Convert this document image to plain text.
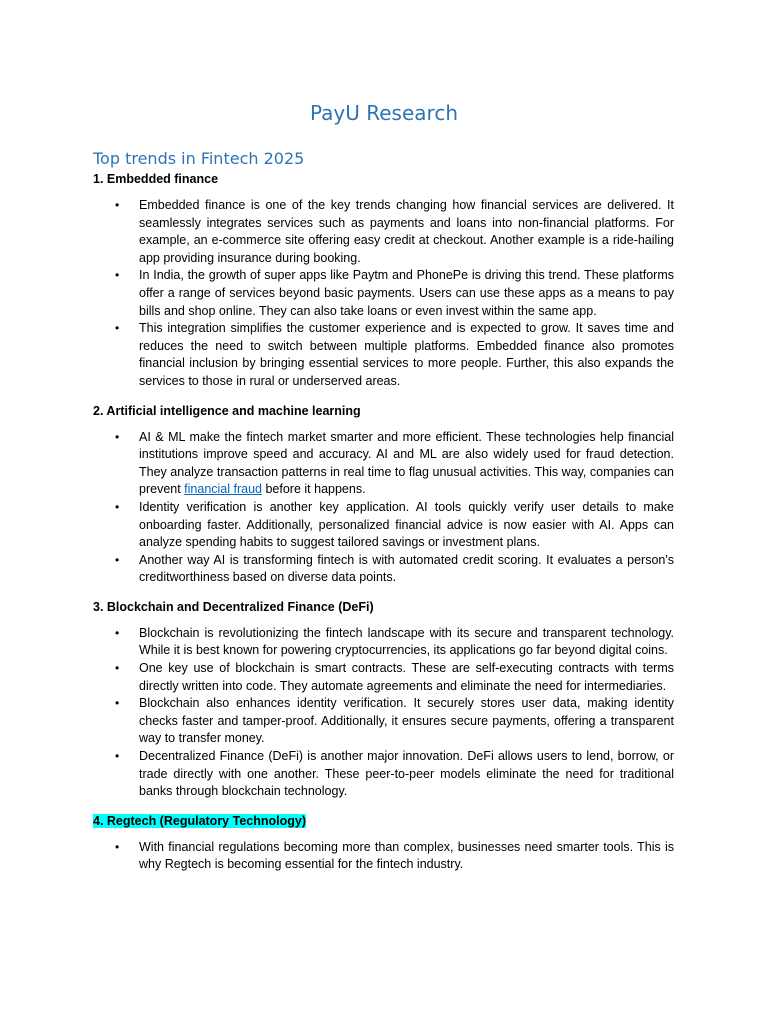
PayU Research
Top trends in Fintech 2025

1. Embedded finance

• Embedded finance is one of the key trends changing how financial services are delivered. It seamlessly integrates services such as payments and loans into non-financial platforms. For example, an e-commerce site offering easy credit at checkout. Another example is a ride-hailing app providing insurance during booking.
• In India, the growth of super apps like Paytm and PhonePe is driving this trend. These platforms offer a range of services beyond basic payments. Users can use these apps as a means to pay bills and shop online. They can also take loans or even invest within the same app.
• This integration simplifies the customer experience and is expected to grow. It saves time and reduces the need to switch between multiple platforms. Embedded finance also promotes financial inclusion by bringing essential services to more people. Further, this also expands the services to those in rural or underserved areas.

2. Artificial intelligence and machine learning

• AI & ML make the fintech market smarter and more efficient. These technologies help financial institutions improve speed and accuracy. AI and ML are also widely used for fraud detection. They analyze transaction patterns in real time to flag unusual activities. This way, companies can prevent financial fraud before it happens.
• Identity verification is another key application. AI tools quickly verify user details to make onboarding faster. Additionally, personalized financial advice is now easier with AI. Apps can analyze spending habits to suggest tailored savings or investment plans.
• Another way AI is transforming fintech is with automated credit scoring. It evaluates a person's creditworthiness based on diverse data points.

3. Blockchain and Decentralized Finance (DeFi)

• Blockchain is revolutionizing the fintech landscape with its secure and transparent technology. While it is best known for powering cryptocurrencies, its applications go far beyond digital coins.
• One key use of blockchain is smart contracts. These are self-executing contracts with terms directly written into code. They automate agreements and eliminate the need for intermediaries.
• Blockchain also enhances identity verification. It securely stores user data, making identity checks faster and tamper-proof. Additionally, it ensures secure payments, offering a transparent way to transfer money.
• Decentralized Finance (DeFi) is another major innovation. DeFi allows users to lend, borrow, or trade directly with one another. These peer-to-peer models eliminate the need for traditional banks through blockchain technology.

4. Regtech (Regulatory Technology)

• With financial regulations becoming more than complex, businesses need smarter tools. This is why Regtech is becoming essential for the fintech industry.
